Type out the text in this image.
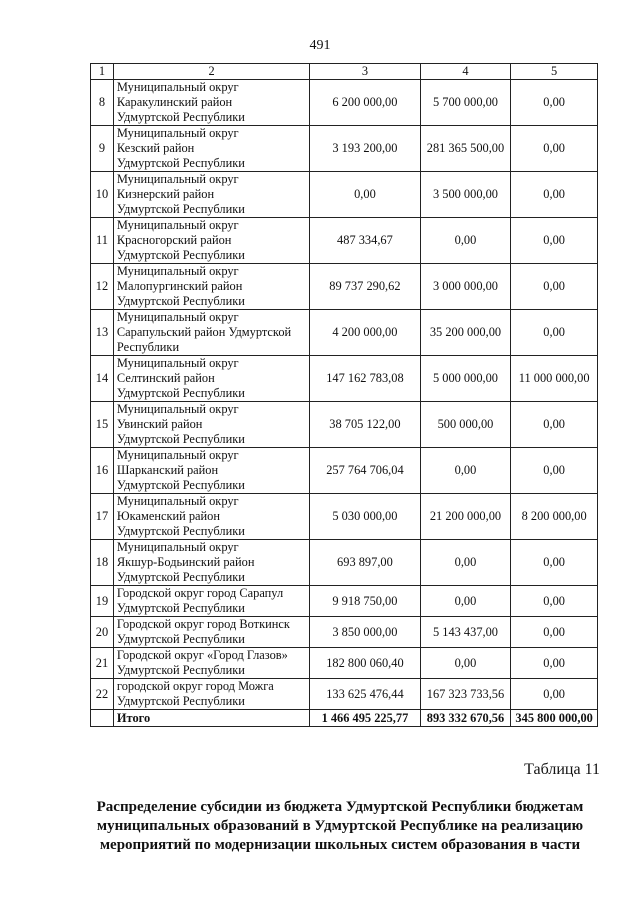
491
1	2	3	4	5
8	Муниципальный округ
Каракулинский район
Удмуртской Республики	6 200 000,00	5 700 000,00	0,00
9	Муниципальный округ
Кезский район
Удмуртской Республики	3 193 200,00	281 365 500,00	0,00
10	Муниципальный округ
Кизнерский район
Удмуртской Республики	0,00	3 500 000,00	0,00
11	Муниципальный округ
Красногорский район
Удмуртской Республики	487 334,67	0,00	0,00
12	Муниципальный округ
Малопургинский район
Удмуртской Республики	89 737 290,62	3 000 000,00	0,00
13	Муниципальный округ
Сарапульский район Удмуртской
Республики	4 200 000,00	35 200 000,00	0,00
14	Муниципальный округ
Селтинский район
Удмуртской Республики	147 162 783,08	5 000 000,00	11 000 000,00
15	Муниципальный округ
Увинский район
Удмуртской Республики	38 705 122,00	500 000,00	0,00
16	Муниципальный округ
Шарканский район
Удмуртской Республики	257 764 706,04	0,00	0,00
17	Муниципальный округ
Юкаменский район
Удмуртской Республики	5 030 000,00	21 200 000,00	8 200 000,00
18	Муниципальный округ
Якшур-Бодьинский район
Удмуртской Республики	693 897,00	0,00	0,00
19	Городской округ город Сарапул
Удмуртской Республики	9 918 750,00	0,00	0,00
20	Городской округ город Воткинск
Удмуртской Республики	3 850 000,00	5 143 437,00	0,00
21	Городской округ «Город Глазов»
Удмуртской Республики	182 800 060,40	0,00	0,00
22	городской округ город Можга
Удмуртской Республики	133 625 476,44	167 323 733,56	0,00
	Итого	1 466 495 225,77	893 332 670,56	345 800 000,00
Таблица 11
Распределение субсидии из бюджета Удмуртской Республики бюджетам
муниципальных образований в Удмуртской Республике на реализацию
мероприятий по модернизации школьных систем образования в части
